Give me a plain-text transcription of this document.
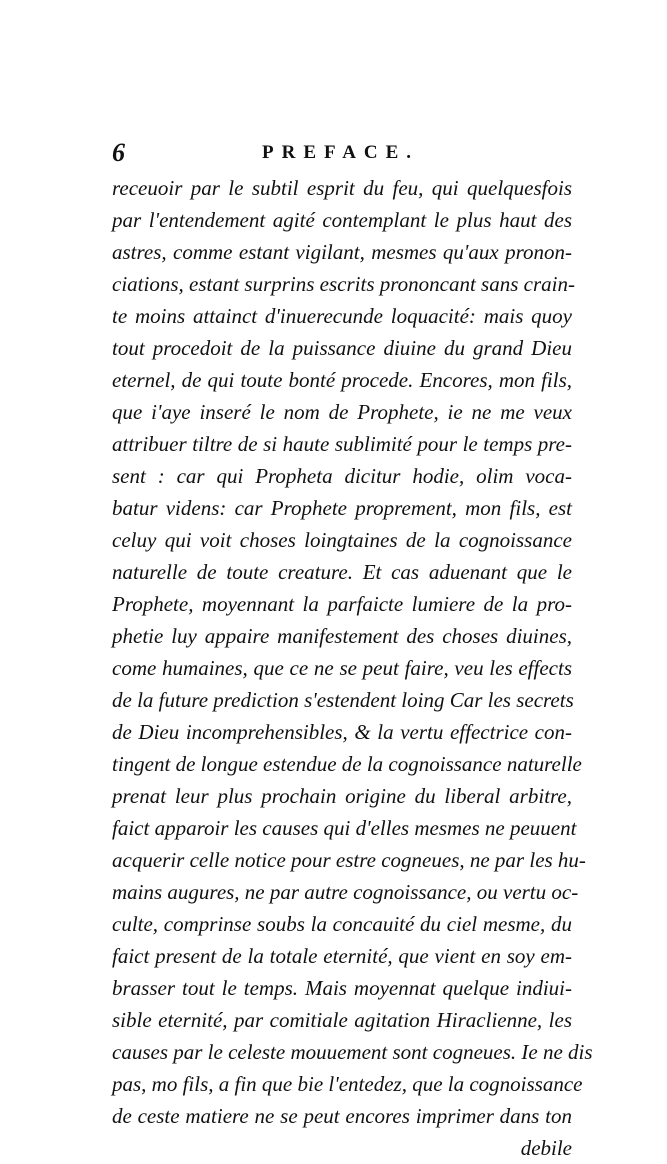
6	PREFACE.
receuoir par le subtil esprit du feu, qui quelquesfois
par l'entendement agité contemplant le plus haut des
astres, comme estant vigilant, mesmes qu'aux pronon-
ciations, estant surprins escrits prononcant sans crain-
te moins attainct d'inuerecunde loquacité: mais quoy
tout procedoit de la puissance diuine du grand Dieu
eternel, de qui toute bonté procede. Encores, mon fils,
que i'aye inseré le nom de Prophete, ie ne me veux
attribuer tiltre de si haute sublimité pour le temps pre-
sent : car qui Propheta dicitur hodie, olim voca-
batur videns: car Prophete proprement, mon fils, est
celuy qui voit choses loingtaines de la cognoissance
naturelle de toute creature. Et cas aduenant que le
Prophete, moyennant la parfaicte lumiere de la pro-
phetie luy appaire manifestement des choses diuines,
come humaines, que ce ne se peut faire, veu les effects
de la future prediction s'estendent loing Car les secrets
de Dieu incomprehensibles, & la vertu effectrice con-
tingent de longue estendue de la cognoissance naturelle
prenat leur plus prochain origine du liberal arbitre,
faict apparoir les causes qui d'elles mesmes ne peuuent
acquerir celle notice pour estre cogneues, ne par les hu-
mains augures, ne par autre cognoissance, ou vertu oc-
culte, comprinse soubs la concauité du ciel mesme, du
faict present de la totale eternité, que vient en soy em-
brasser tout le temps. Mais moyennat quelque indiui-
sible eternité, par comitiale agitation Hiraclienne, les
causes par le celeste mouuement sont cogneues. Ie ne dis
pas, mo fils, a fin que bie l'entedez, que la cognoissance
de ceste matiere ne se peut encores imprimer dans ton
debile
